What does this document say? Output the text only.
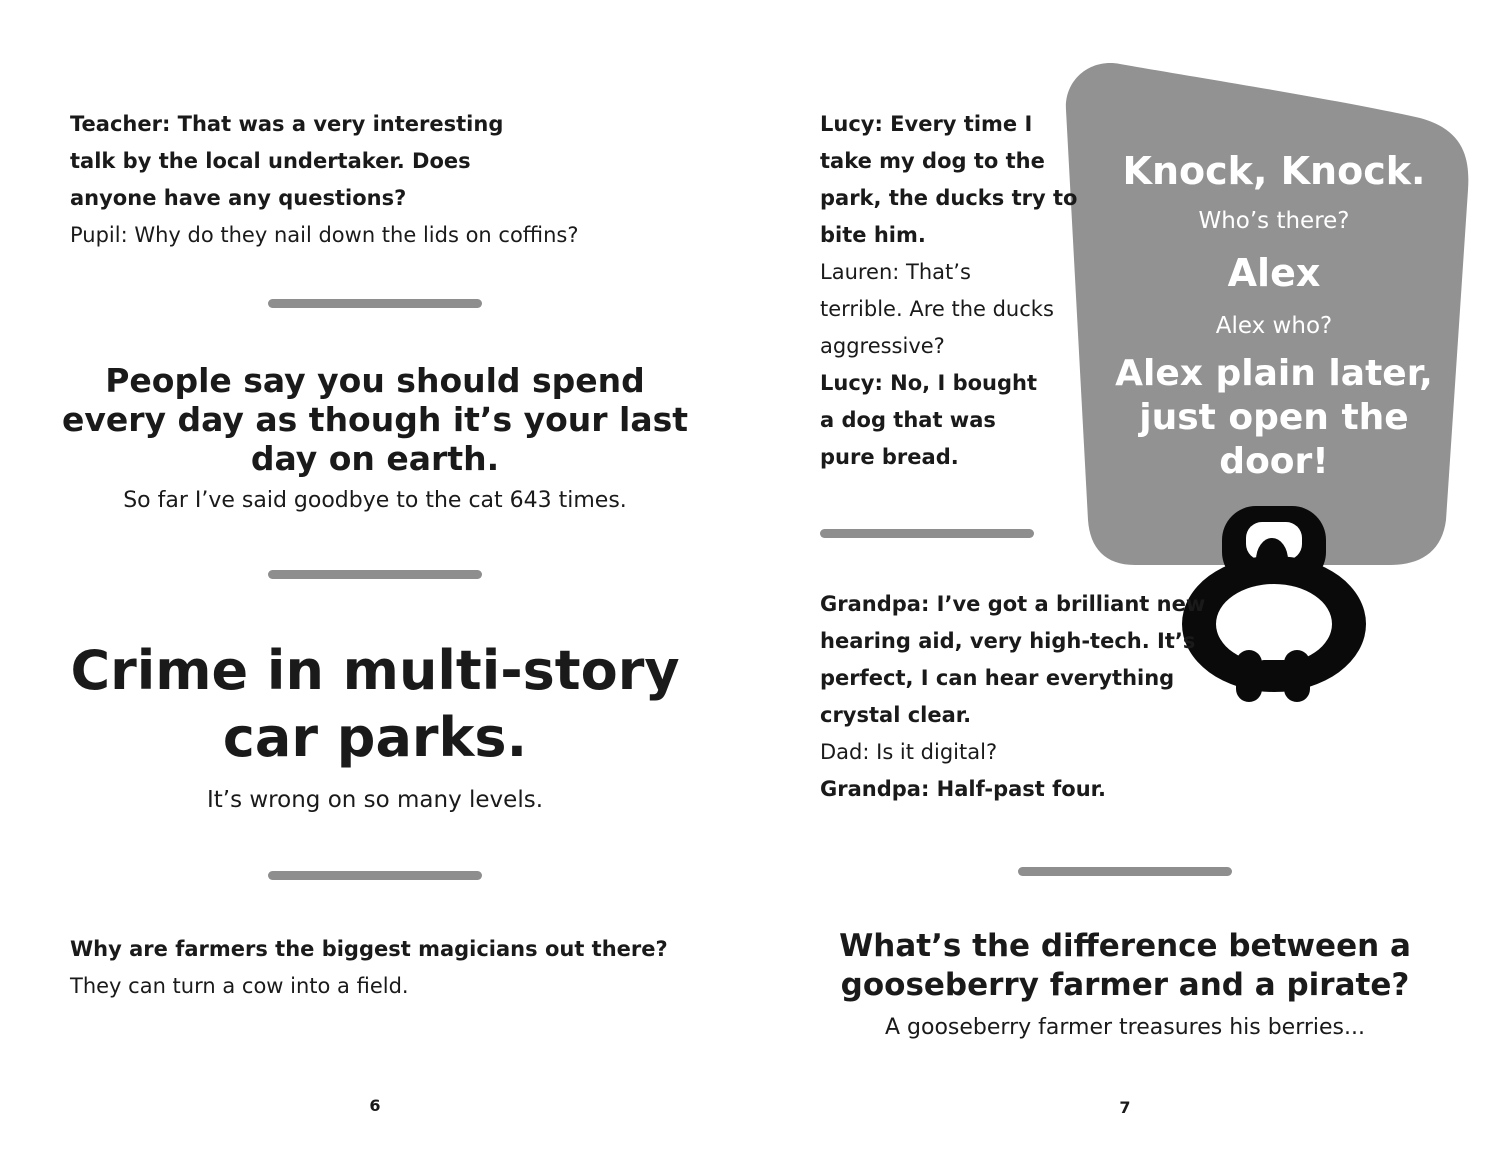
Teacher: That was a very interesting
talk by the local undertaker. Does
anyone have any questions?
Pupil: Why do they nail down the lids on coffins?
People say you should spend
every day as though it’s your last
day on earth.
So far I’ve said goodbye to the cat 643 times.
Crime in multi-story
car parks.
It’s wrong on so many levels.
Why are farmers the biggest magicians out there?
They can turn a cow into a field.
6
Knock, Knock.
Who’s there?
Alex
Alex who?
Alex plain later,
just open the
door!
Lucy: Every time I
take my dog to the
park, the ducks try to
bite him.
Lauren: That’s
terrible. Are the ducks
aggressive?
Lucy: No, I bought
a dog that was
pure bread.
Grandpa: I’ve got a brilliant new
hearing aid, very high-tech. It’s
perfect, I can hear everything
crystal clear.
Dad: Is it digital?
Grandpa: Half-past four.
What’s the difference between a
gooseberry farmer and a pirate?
A gooseberry farmer treasures his berries...
7
